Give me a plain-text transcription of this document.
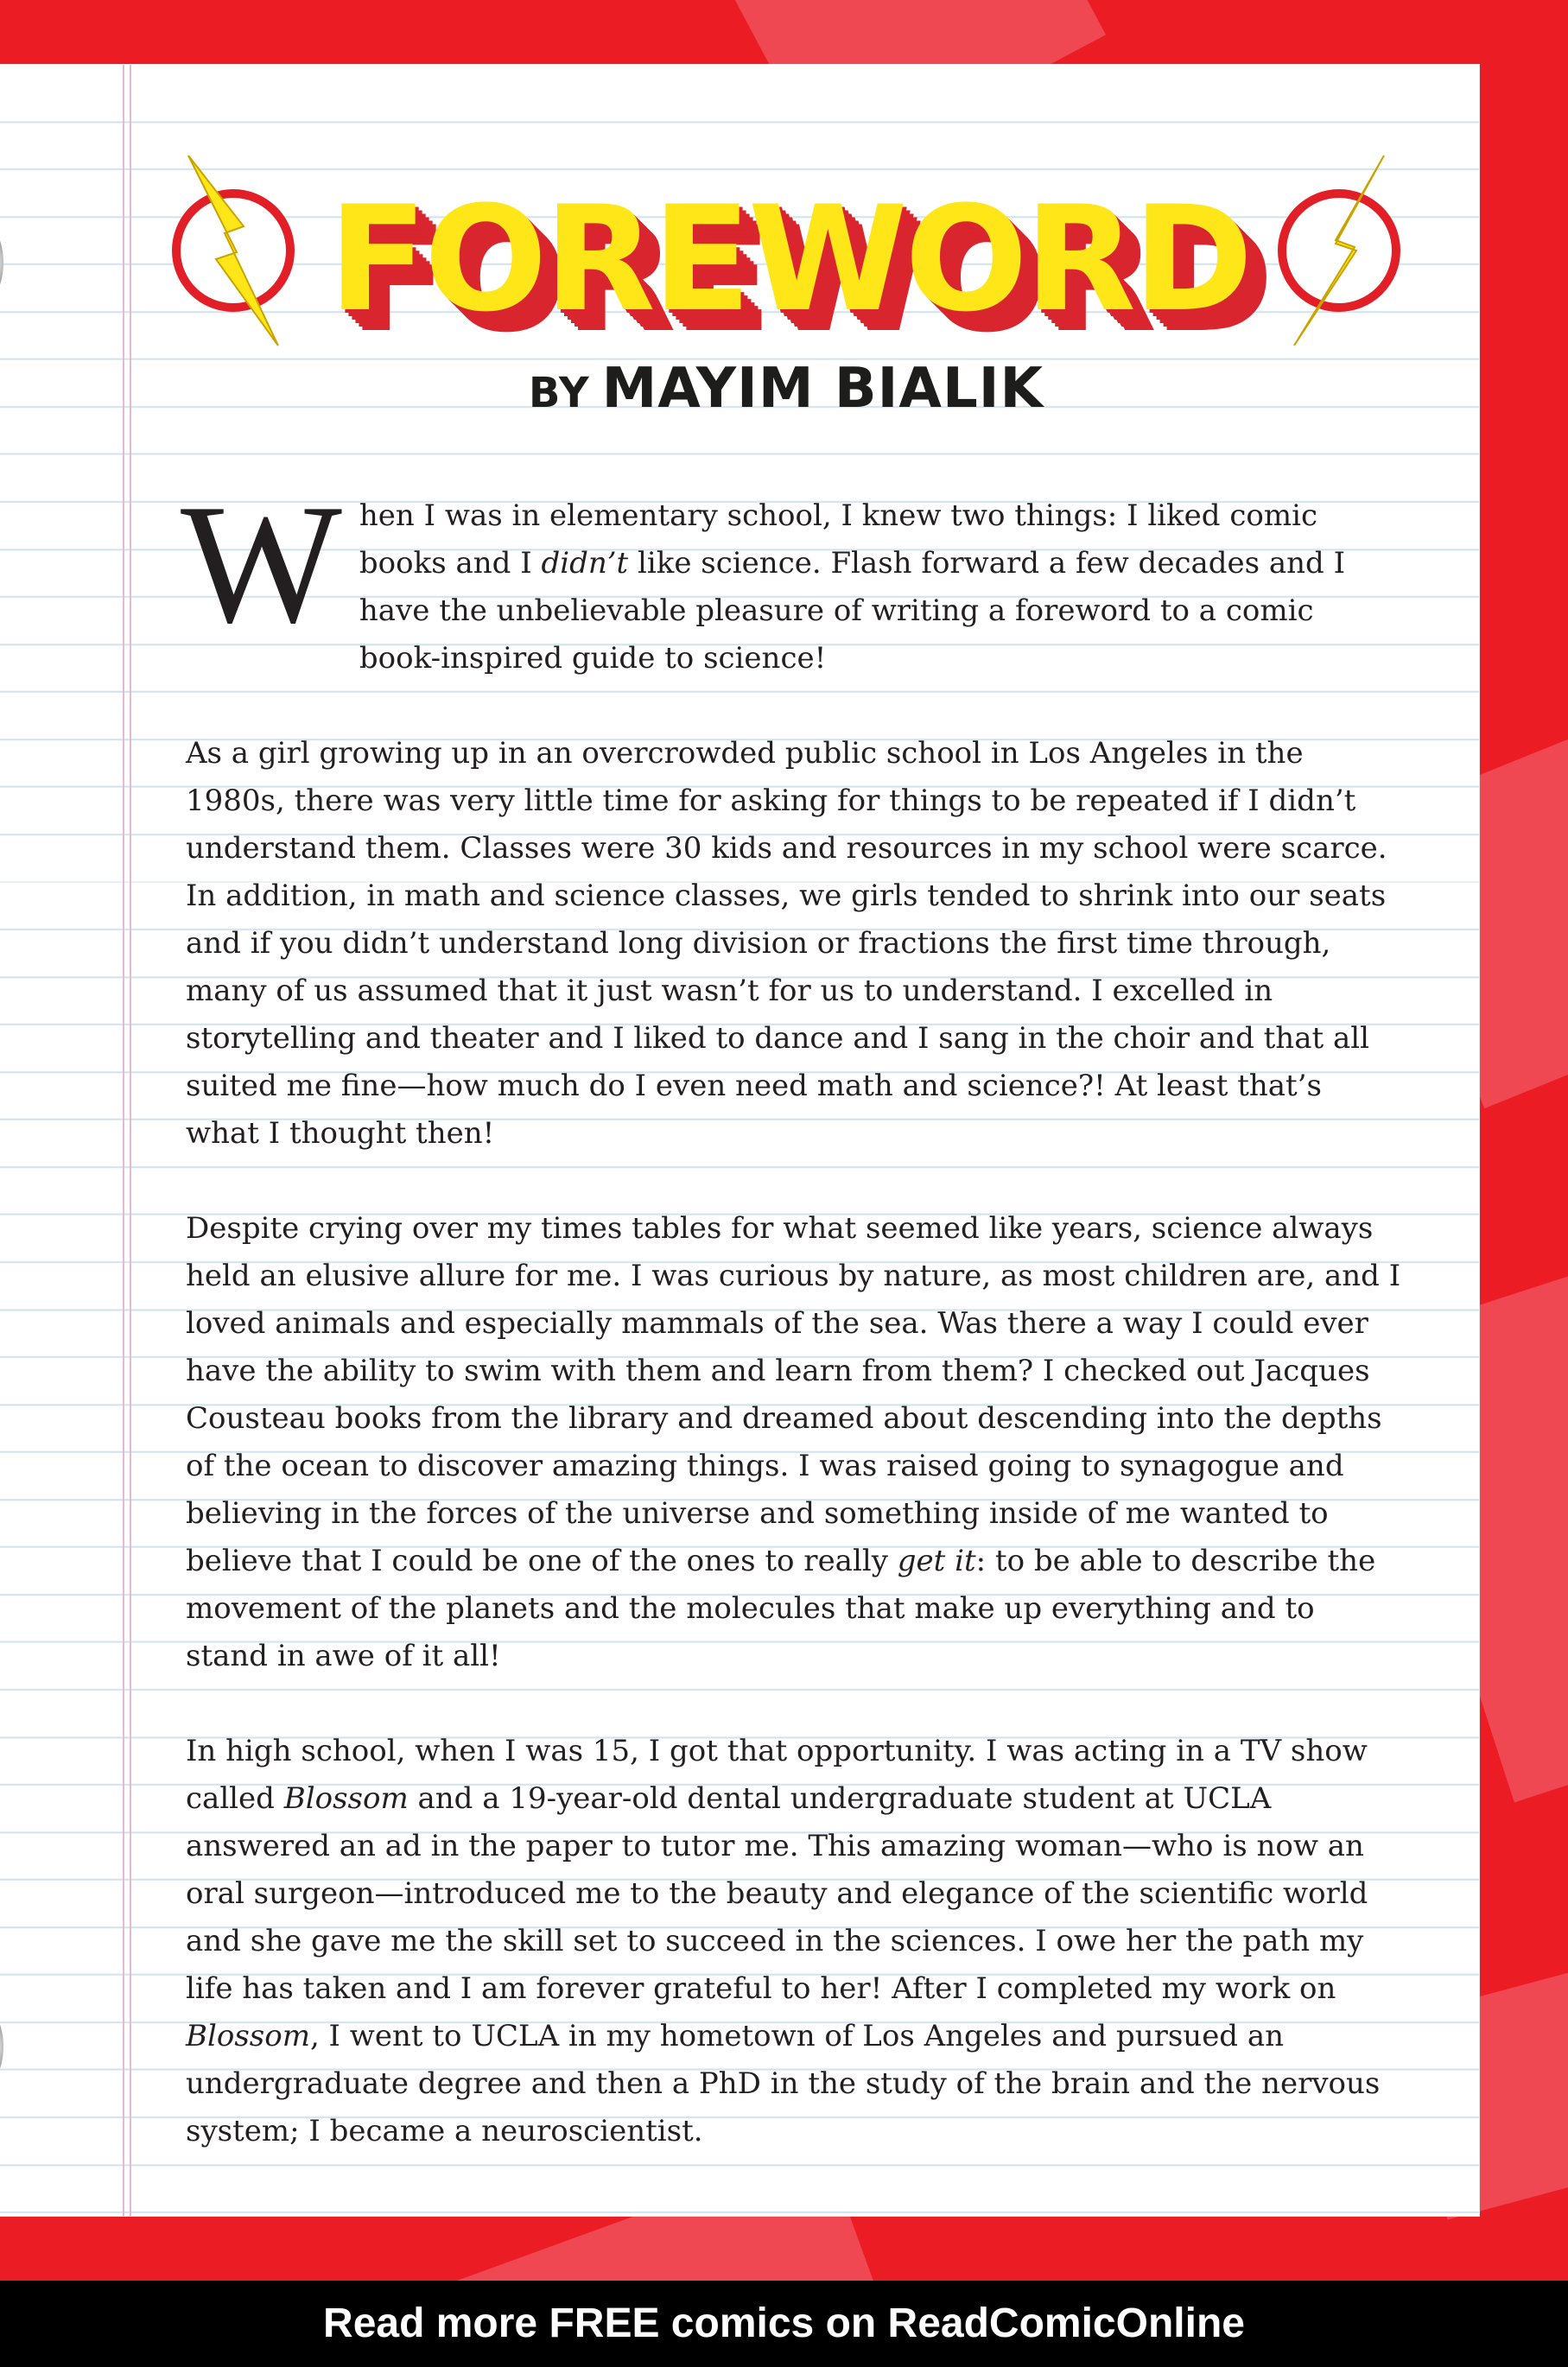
FOREWORD
BY MAYIM BIALIK

When I was in elementary school, I knew two things: I liked comic books and I didn’t like science. Flash forward a few decades and I have the unbelievable pleasure of writing a foreword to a comic book-inspired guide to science!

As a girl growing up in an overcrowded public school in Los Angeles in the 1980s, there was very little time for asking for things to be repeated if I didn’t understand them. Classes were 30 kids and resources in my school were scarce. In addition, in math and science classes, we girls tended to shrink into our seats and if you didn’t understand long division or fractions the first time through, many of us assumed that it just wasn’t for us to understand. I excelled in storytelling and theater and I liked to dance and I sang in the choir and that all suited me fine—how much do I even need math and science?! At least that’s what I thought then!

Despite crying over my times tables for what seemed like years, science always held an elusive allure for me. I was curious by nature, as most children are, and I loved animals and especially mammals of the sea. Was there a way I could ever have the ability to swim with them and learn from them? I checked out Jacques Cousteau books from the library and dreamed about descending into the depths of the ocean to discover amazing things. I was raised going to synagogue and believing in the forces of the universe and something inside of me wanted to believe that I could be one of the ones to really get it: to be able to describe the movement of the planets and the molecules that make up everything and to stand in awe of it all!

In high school, when I was 15, I got that opportunity. I was acting in a TV show called Blossom and a 19-year-old dental undergraduate student at UCLA answered an ad in the paper to tutor me. This amazing woman—who is now an oral surgeon—introduced me to the beauty and elegance of the scientific world and she gave me the skill set to succeed in the sciences. I owe her the path my life has taken and I am forever grateful to her! After I completed my work on Blossom, I went to UCLA in my hometown of Los Angeles and pursued an undergraduate degree and then a PhD in the study of the brain and the nervous system; I became a neuroscientist.

Read more FREE comics on ReadComicOnline
